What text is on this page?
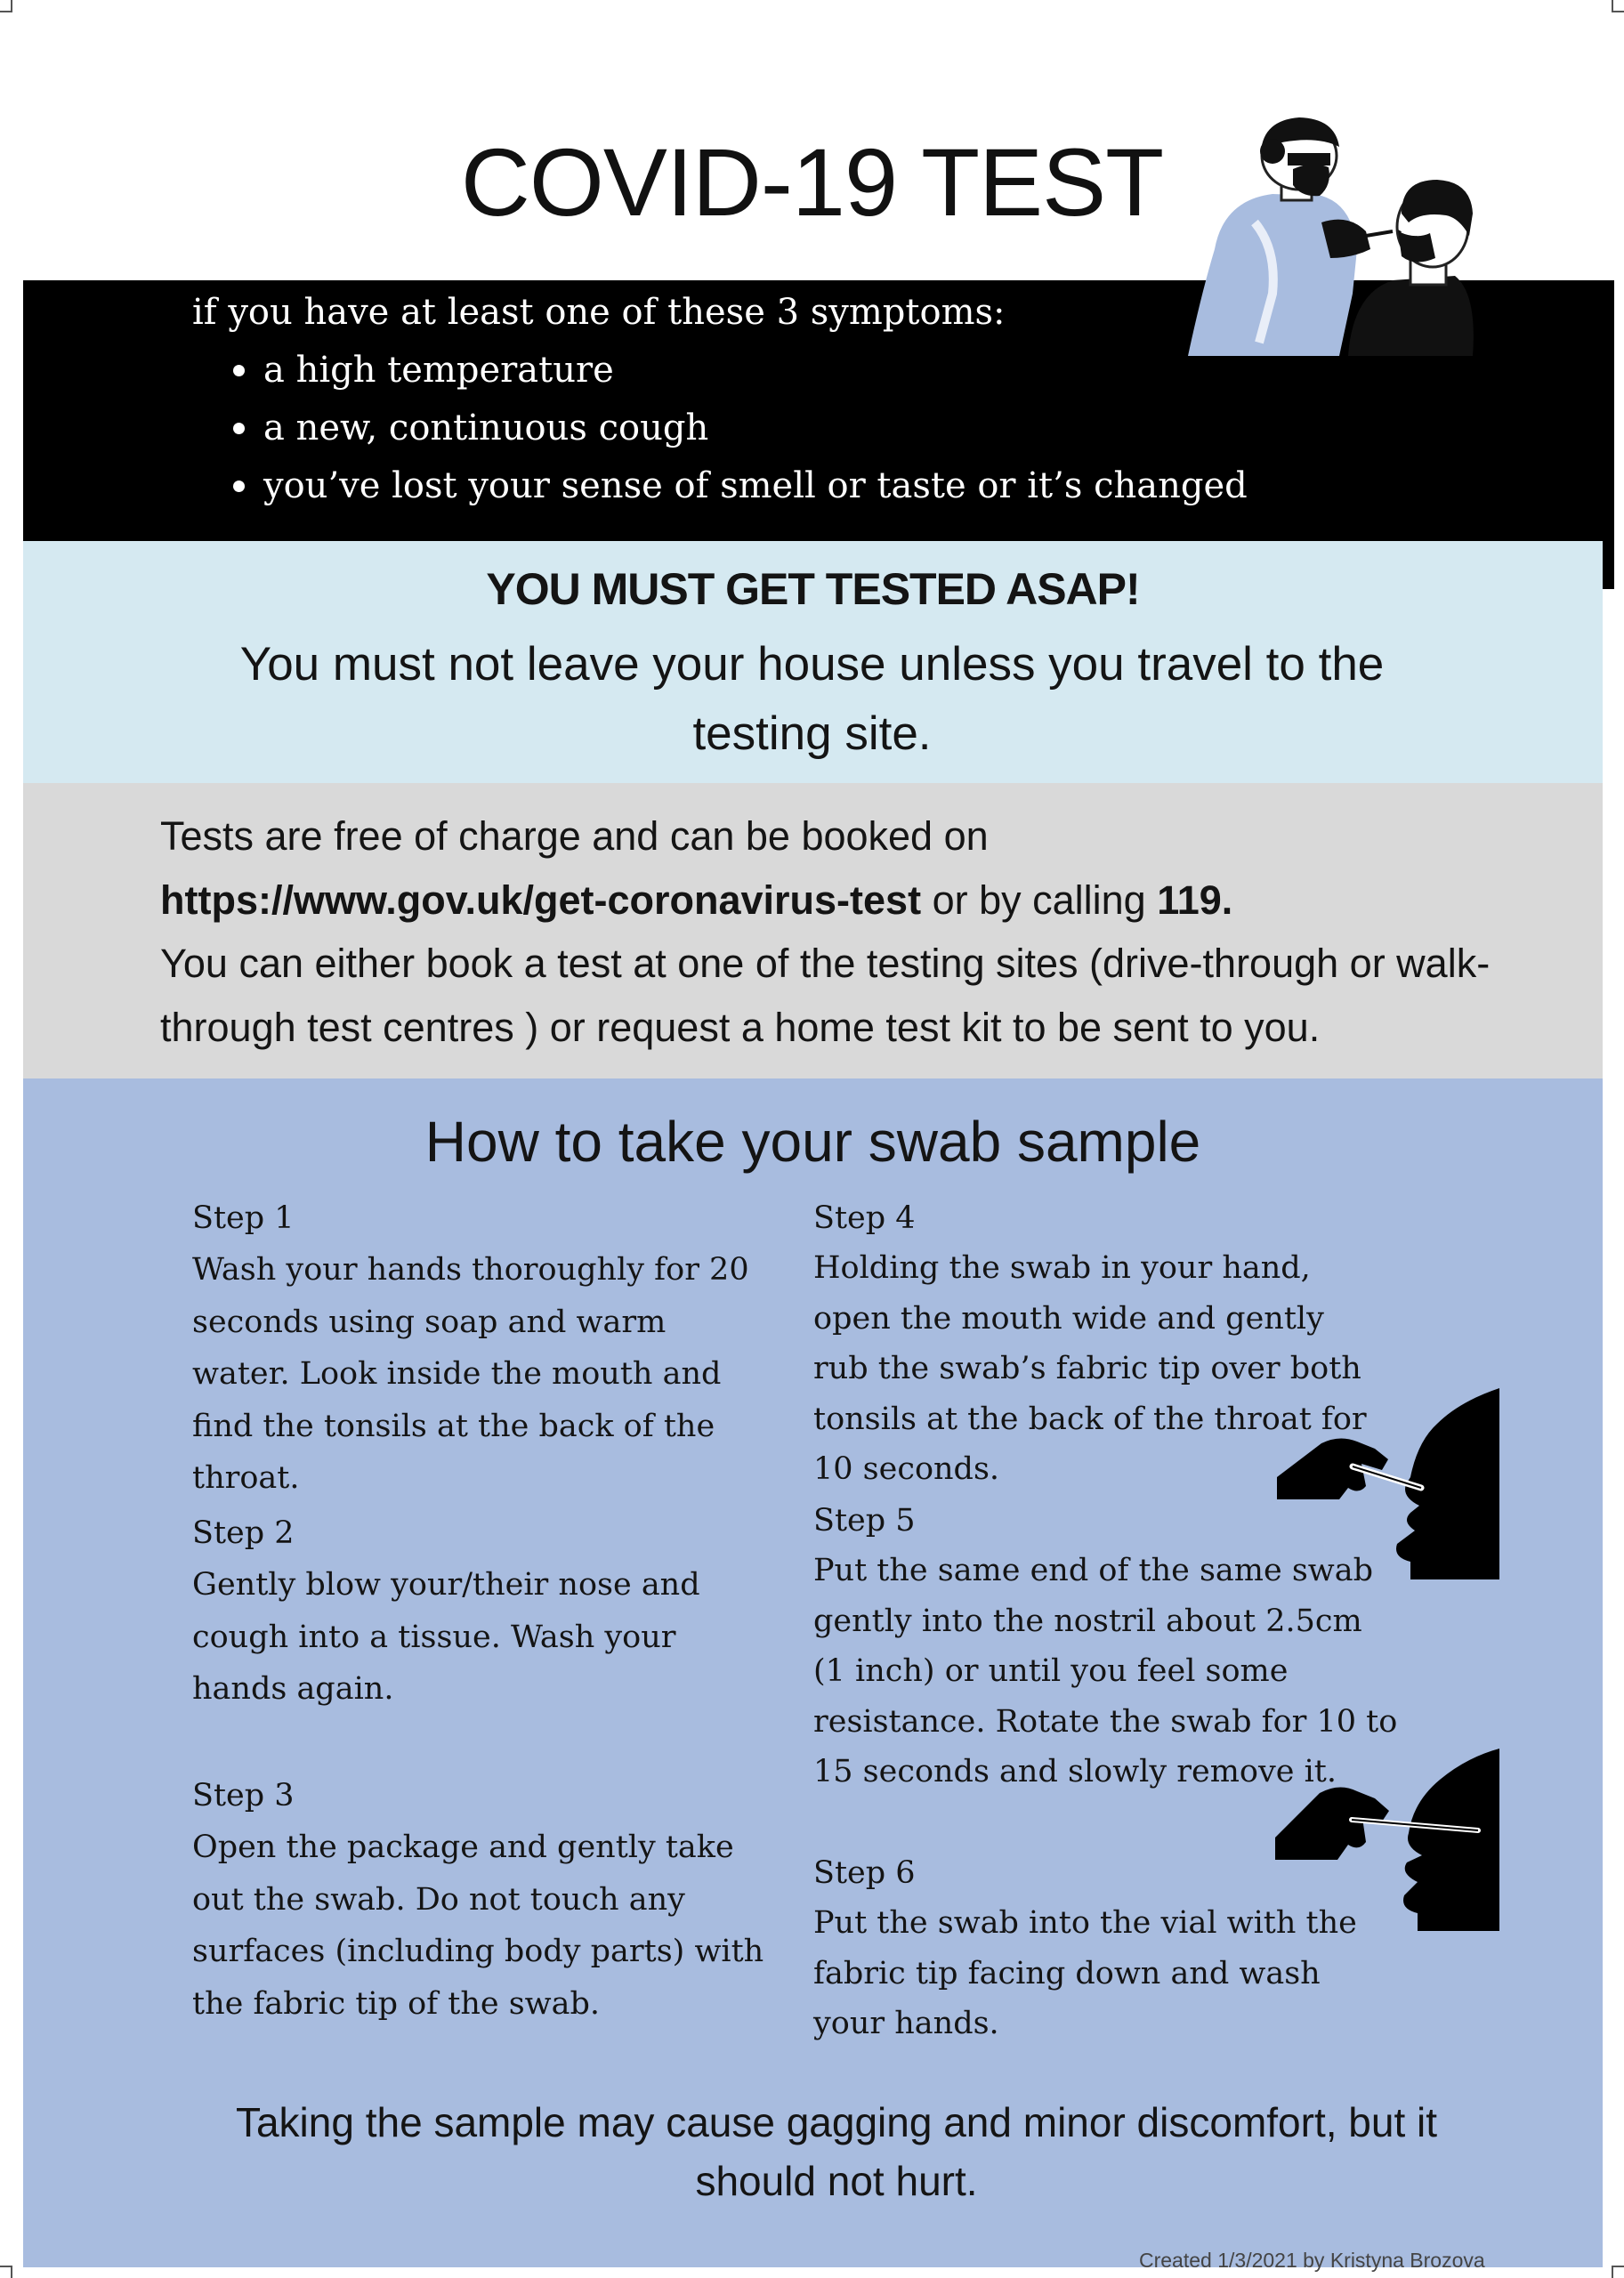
COVID-19 TEST
if you have at least one of these 3 symptoms:
a high temperature
a new, continuous cough
you’ve lost your sense of smell or taste or it’s changed
YOU MUST GET TESTED ASAP!
You must not leave your house unless you travel to the testing site.
Tests are free of charge and can be booked on
https://www.gov.uk/get-coronavirus-test or by calling 119.
You can either book a test at one of the testing sites (drive-through or walk-through test centres ) or request a home test kit to be sent to you.
How to take your swab sample
Step 1
Wash your hands thoroughly for 20 seconds using soap and warm water. Look inside the mouth and find the tonsils at the back of the throat.
Step 2
Gently blow your/their nose and cough into a tissue. Wash your hands again.
Step 3
Open the package and gently take out the swab. Do not touch any surfaces (including body parts) with the fabric tip of the swab.
Step 4
Holding the swab in your hand, open the mouth wide and gently rub the swab’s fabric tip over both tonsils at the back of the throat for 10 seconds.
Step 5
Put the same end of the same swab gently into the nostril about 2.5cm (1 inch) or until you feel some resistance. Rotate the swab for 10 to 15 seconds and slowly remove it.
Step 6
Put the swab into the vial with the fabric tip facing down and wash your hands.
Taking the sample may cause gagging and minor discomfort, but it should not hurt.
Created 1/3/2021 by Kristyna Brozova
